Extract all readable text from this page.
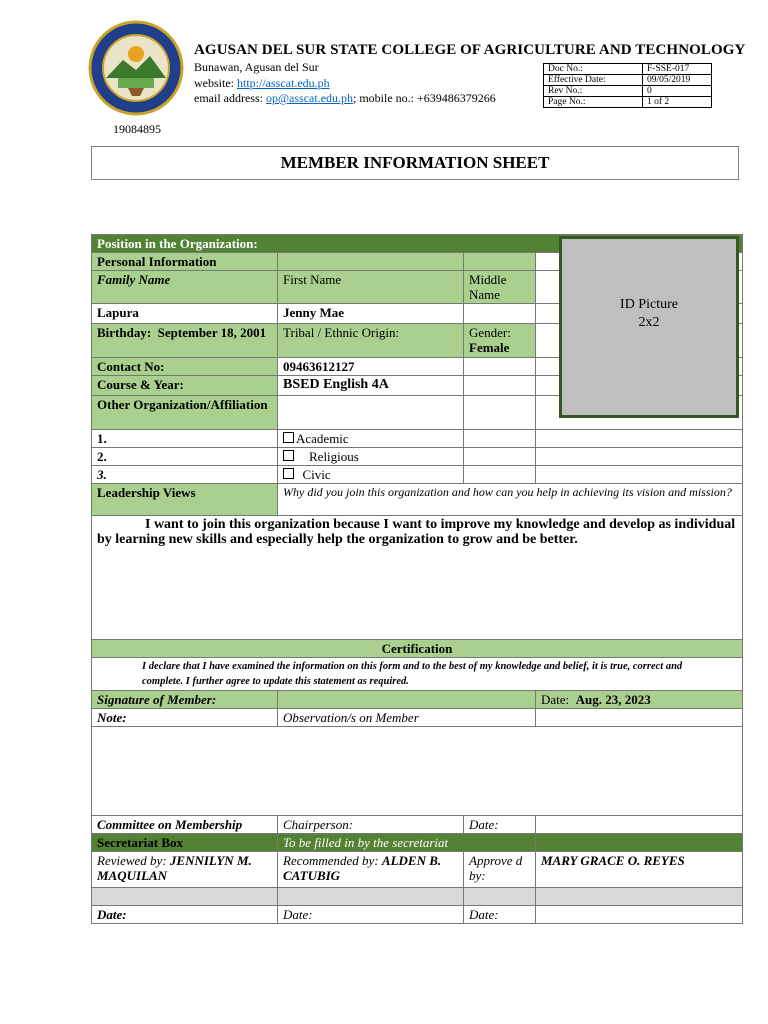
AGUSAN DEL SUR STATE COLLEGE OF AGRICULTURE AND TECHNOLOGY
Bunawan, Agusan del Sur
website: http://asscat.edu.ph
email address: op@asscat.edu.ph; mobile no.: +639486379266
19084895
Doc No.:	F-SSE-017
Effective Date:	09/05/2019
Rev No.:	0
Page No.:	1 of 2
MEMBER INFORMATION SHEET
Position in the Organization:			
Personal Information			
Family Name	First Name	Middle Name	
Lapura	Jenny Mae		
Birthday: September 18, 2001	Tribal / Ethnic Origin:	Gender:
Female	
Contact No:	09463612127		
Course & Year:	BSED English 4A		
Other Organization/Affiliation			
1.	Academic		
2.	Religious		
3.	Civic		
Leadership Views	Why did you join this organization and how can you help in achieving its vision and mission?		
I want to join this organization because I want to improve my knowledge and develop as individual by learning new skills and especially help the organization to grow and be better.			
Certification			
I declare that I have examined the information on this form and to the best of my knowledge and belief, it is true, correct and complete. I further agree to update this statement as required.			
Signature of Member:			Date: Aug. 23, 2023
Note:	Observation/s on Member		

Committee on Membership	Chairperson:	Date:	
Secretariat Box	To be filled in by the secretariat		
Reviewed by: JENNILYN M. MAQUILAN	Recommended by: ALDEN B. CATUBIG	Approve d by:	MARY GRACE O. REYES

Date:	Date:	Date:	
ID Picture
2x2
